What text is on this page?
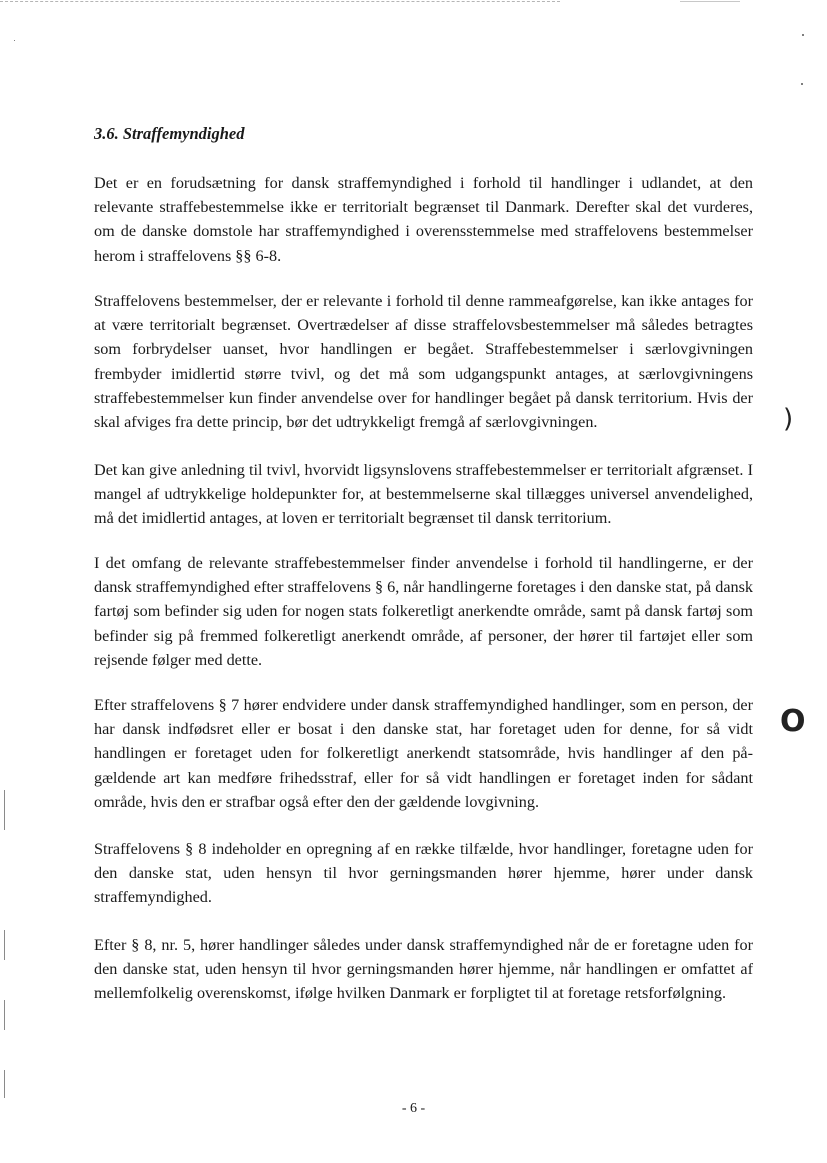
)
O
3.6. Straffemyndighed

Det er en forudsætning for dansk straffemyndighed i forhold til handlinger i udlandet, at den relevante straffebestemmelse ikke er territorialt begrænset til Danmark. Derefter skal det vurderes, om de danske domstole har straffemyndighed i overensstemmelse med straffelovens bestemmelser herom i straffelovens §§ 6-8.

Straffelovens bestemmelser, der er relevante i forhold til denne rammeafgørelse, kan ikke antages for at være territorialt begrænset. Overtrædelser af disse straffelovsbestemmelser må således betragtes som forbrydelser uanset, hvor handlingen er begået. Straffebestemmelser i særlovgivningen frembyder imidlertid større tvivl, og det må som udgangspunkt antages, at særlovgivningens straffebestemmelser kun finder anvendelse over for handlinger begået på dansk territorium. Hvis der skal afviges fra dette princip, bør det udtrykkeligt fremgå af særlovgivningen.

Det kan give anledning til tvivl, hvorvidt ligsynslovens straffebestemmelser er territorialt afgrænset. I mangel af udtrykkelige holdepunkter for, at bestemmelserne skal tillægges universel anvendelighed, må det imidlertid antages, at loven er territorialt begrænset til dansk territorium.

I det omfang de relevante straffebestemmelser finder anvendelse i forhold til handlingerne, er der dansk straffemyndighed efter straffelovens § 6, når handlingerne foretages i den danske stat, på dansk fartøj som befinder sig uden for nogen stats folkeretligt anerkendte område, samt på dansk fartøj som befinder sig på fremmed folkeretligt anerkendt område, af personer, der hører til fartøjet eller som rejsende følger med dette.

Efter straffelovens § 7 hører endvidere under dansk straffemyndighed handlinger, som en person, der har dansk indfødsret eller er bosat i den danske stat, har foretaget uden for denne, for så vidt handlingen er foretaget uden for folkeretligt anerkendt statsområde, hvis handlinger af den pågældende art kan medføre frihedsstraf, eller for så vidt handlingen er foretaget inden for sådant område, hvis den er strafbar også efter den der gældende lovgivning.

Straffelovens § 8 indeholder en opregning af en række tilfælde, hvor handlinger, foretagne uden for den danske stat, uden hensyn til hvor gerningsmanden hører hjemme, hører under dansk straffemyndighed.

Efter § 8, nr. 5, hører handlinger således under dansk straffemyndighed når de er foretagne uden for den danske stat, uden hensyn til hvor gerningsmanden hører hjemme, når handlingen er omfattet af mellemfolkelig overenskomst, ifølge hvilken Danmark er forpligtet til at foretage retsforfølgning.

- 6 -
